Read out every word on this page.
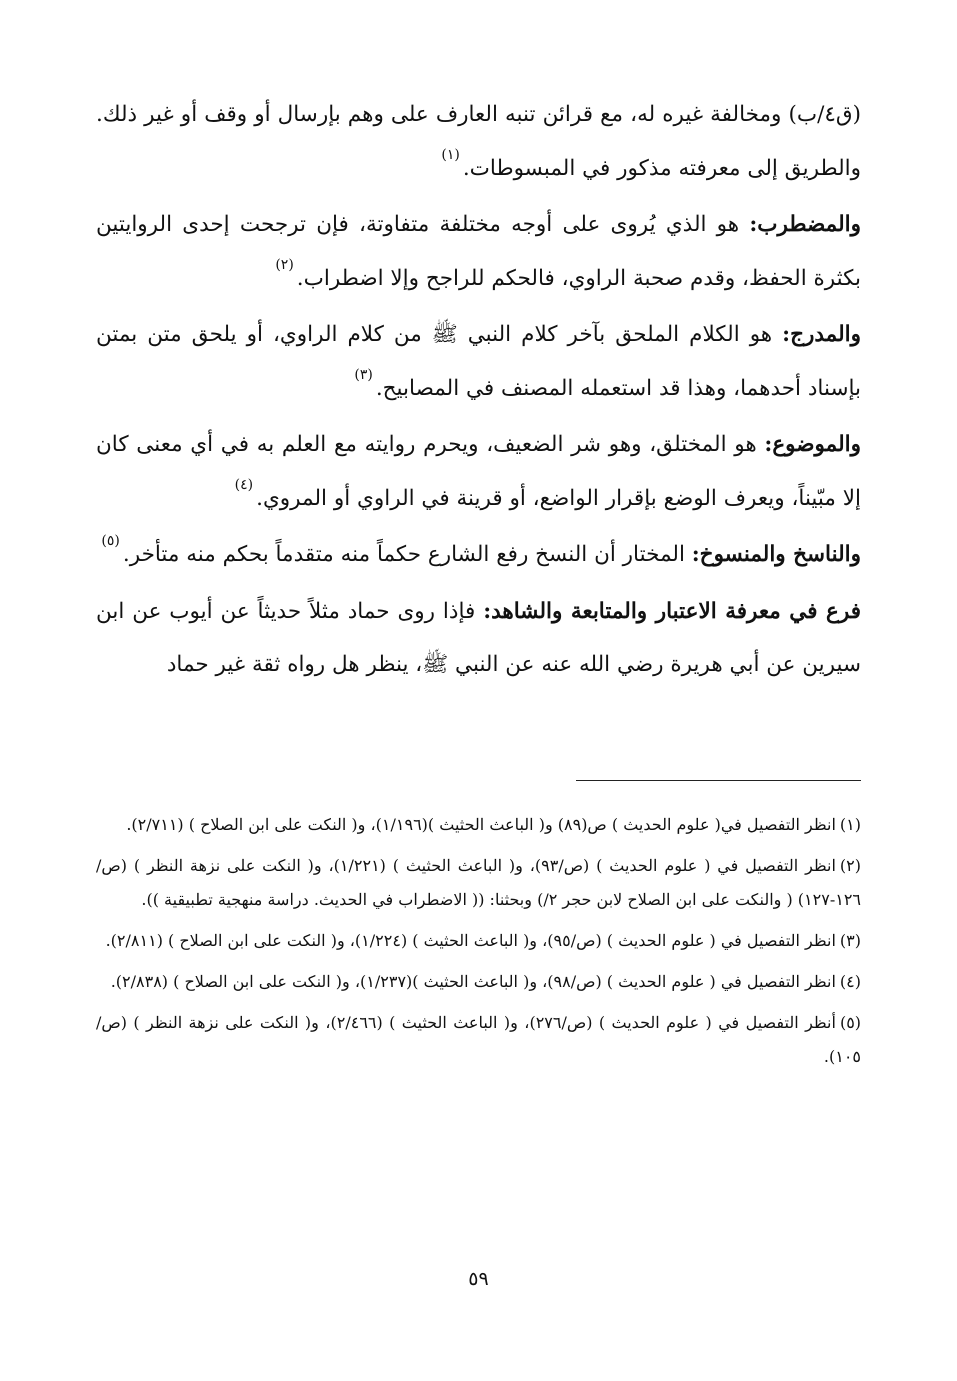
(ق٤/ب) ومخالفة غيره له، مع قرائن تنبه العارف على وهم بإرسال أو وقف أو غير ذلك. والطريق إلى معرفته مذكور في المبسوطات.$^{(١)}$

والمضطرب: هو الذي يُروى على أوجه مختلفة متفاوتة، فإن ترجحت إحدى الروايتين بكثرة الحفظ، وقدم صحبة الراوي، فالحكم للراجح وإلا اضطراب.$^{(٢)}$

والمدرج: هو الكلام الملحق بآخر كلام النبي ﷺ من كلام الراوي، أو يلحق متن بمتن بإسناد أحدهما، وهذا قد استعمله المصنف في المصابيح.$^{(٣)}$

والموضوع: هو المختلق، وهو شر الضعيف، ويحرم روايته مع العلم به في أي معنى كان إلا مبّيناً، ويعرف الوضع بإقرار الواضع، أو قرينة في الراوي أو المروي.$^{(٤)}$

والناسخ والمنسوخ: المختار أن النسخ رفع الشارع حكماً منه متقدماً بحكم منه متأخر.$^{(٥)}$

فرع في معرفة الاعتبار والمتابعة والشاهد: فإذا روى حماد مثلاً حديثاً عن أيوب عن ابن سيرين عن أبي هريرة رضي الله عنه عن النبي ﷺ، ينظر هل رواه ثقة غير حماد

(١)انظر التفصيل في( علوم الحديث ) ص(٨٩) و( الباعث الحثيث )(١/١٩٦)، و( النكت على ابن الصلاح ) (٢/٧١١).

(٢)انظر التفصيل في ( علوم الحديث ) (ص/٩٣)، و( الباعث الحثيث ) (١/٢٢١)، و( النكت على نزهة النظر ) (ص/١٢٦-١٢٧) ( والنكت على ابن الصلاح لابن حجر ٢/) وبحثنا: (( الاضطراب في الحديث. دراسة منهجية تطبيقية )).

(٣)انظر التفصيل في ( علوم الحديث ) (ص/٩٥)، و( الباعث الحثيث ) (١/٢٢٤)، و( النكت على ابن الصلاح ) (٢/٨١١).

(٤)انظر التفصيل في ( علوم الحديث ) (ص/٩٨)، و( الباعث الحثيث )(١/٢٣٧)، و( النكت على ابن الصلاح ) (٢/٨٣٨).

(٥)أنظر التفصيل في ( علوم الحديث ) (ص/٢٧٦)، و( الباعث الحثيث ) (٢/٤٦٦)، و( النكت على نزهة النظر ) (ص/١٠٥).

٥٩
